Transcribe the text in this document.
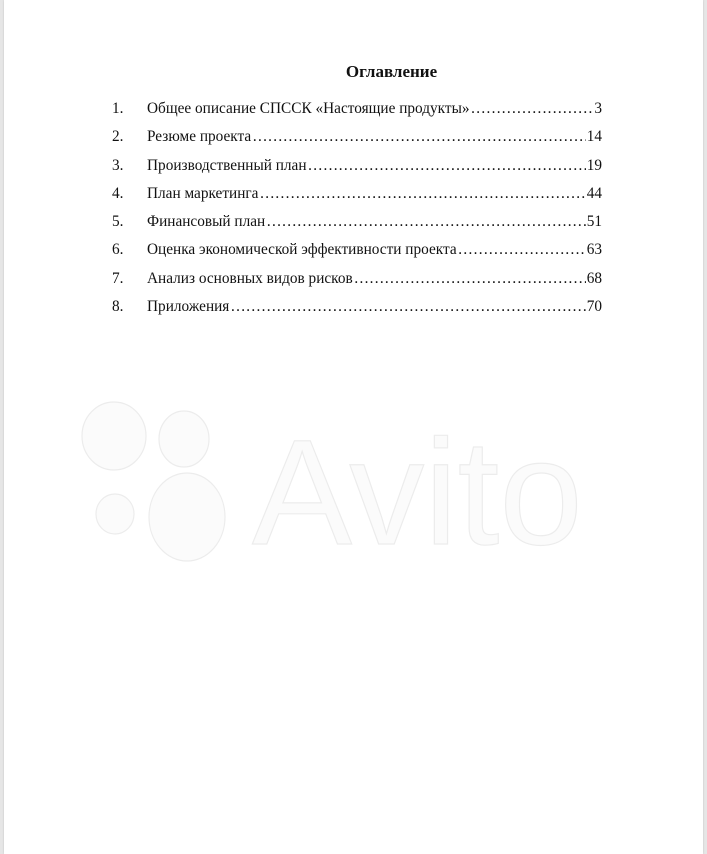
Оглавление
1.	Общее описание СПССК «Настоящие продукты» …………………………………………………………………………………………………………………………	3
2.	Резюме проекта …………………………………………………………………………………………………………………………	14
3.	Производственный план …………………………………………………………………………………………………………………………	19
4.	План маркетинга …………………………………………………………………………………………………………………………	44
5.	Финансовый план …………………………………………………………………………………………………………………………	51
6.	Оценка экономической эффективности проекта …………………………………………………………………………………………………………………………	63
7.	Анализ основных видов рисков …………………………………………………………………………………………………………………………	68
8.	Приложения …………………………………………………………………………………………………………………………	70
Avito
